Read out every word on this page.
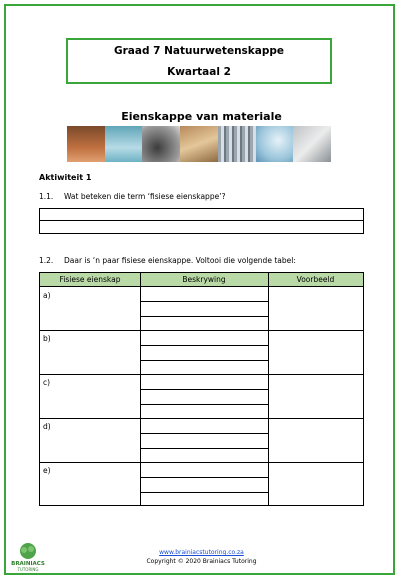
Graad 7 Natuurwetenskappe
Kwartaal 2
Eienskappe van materiale
Aktiwiteit 1
1.1. Wat beteken die term ‘fisiese eienskappe’?
1.2. Daar is ‘n paar fisiese eienskappe. Voltooi die volgende tabel:
Fisiese eienskap	Beskrywing	Voorbeeld
a)
b)
c)
d)
e)
BRAINIACS
TUTORING
www.brainiacstutoring.co.za
Copyright © 2020 Brainiacs Tutoring
